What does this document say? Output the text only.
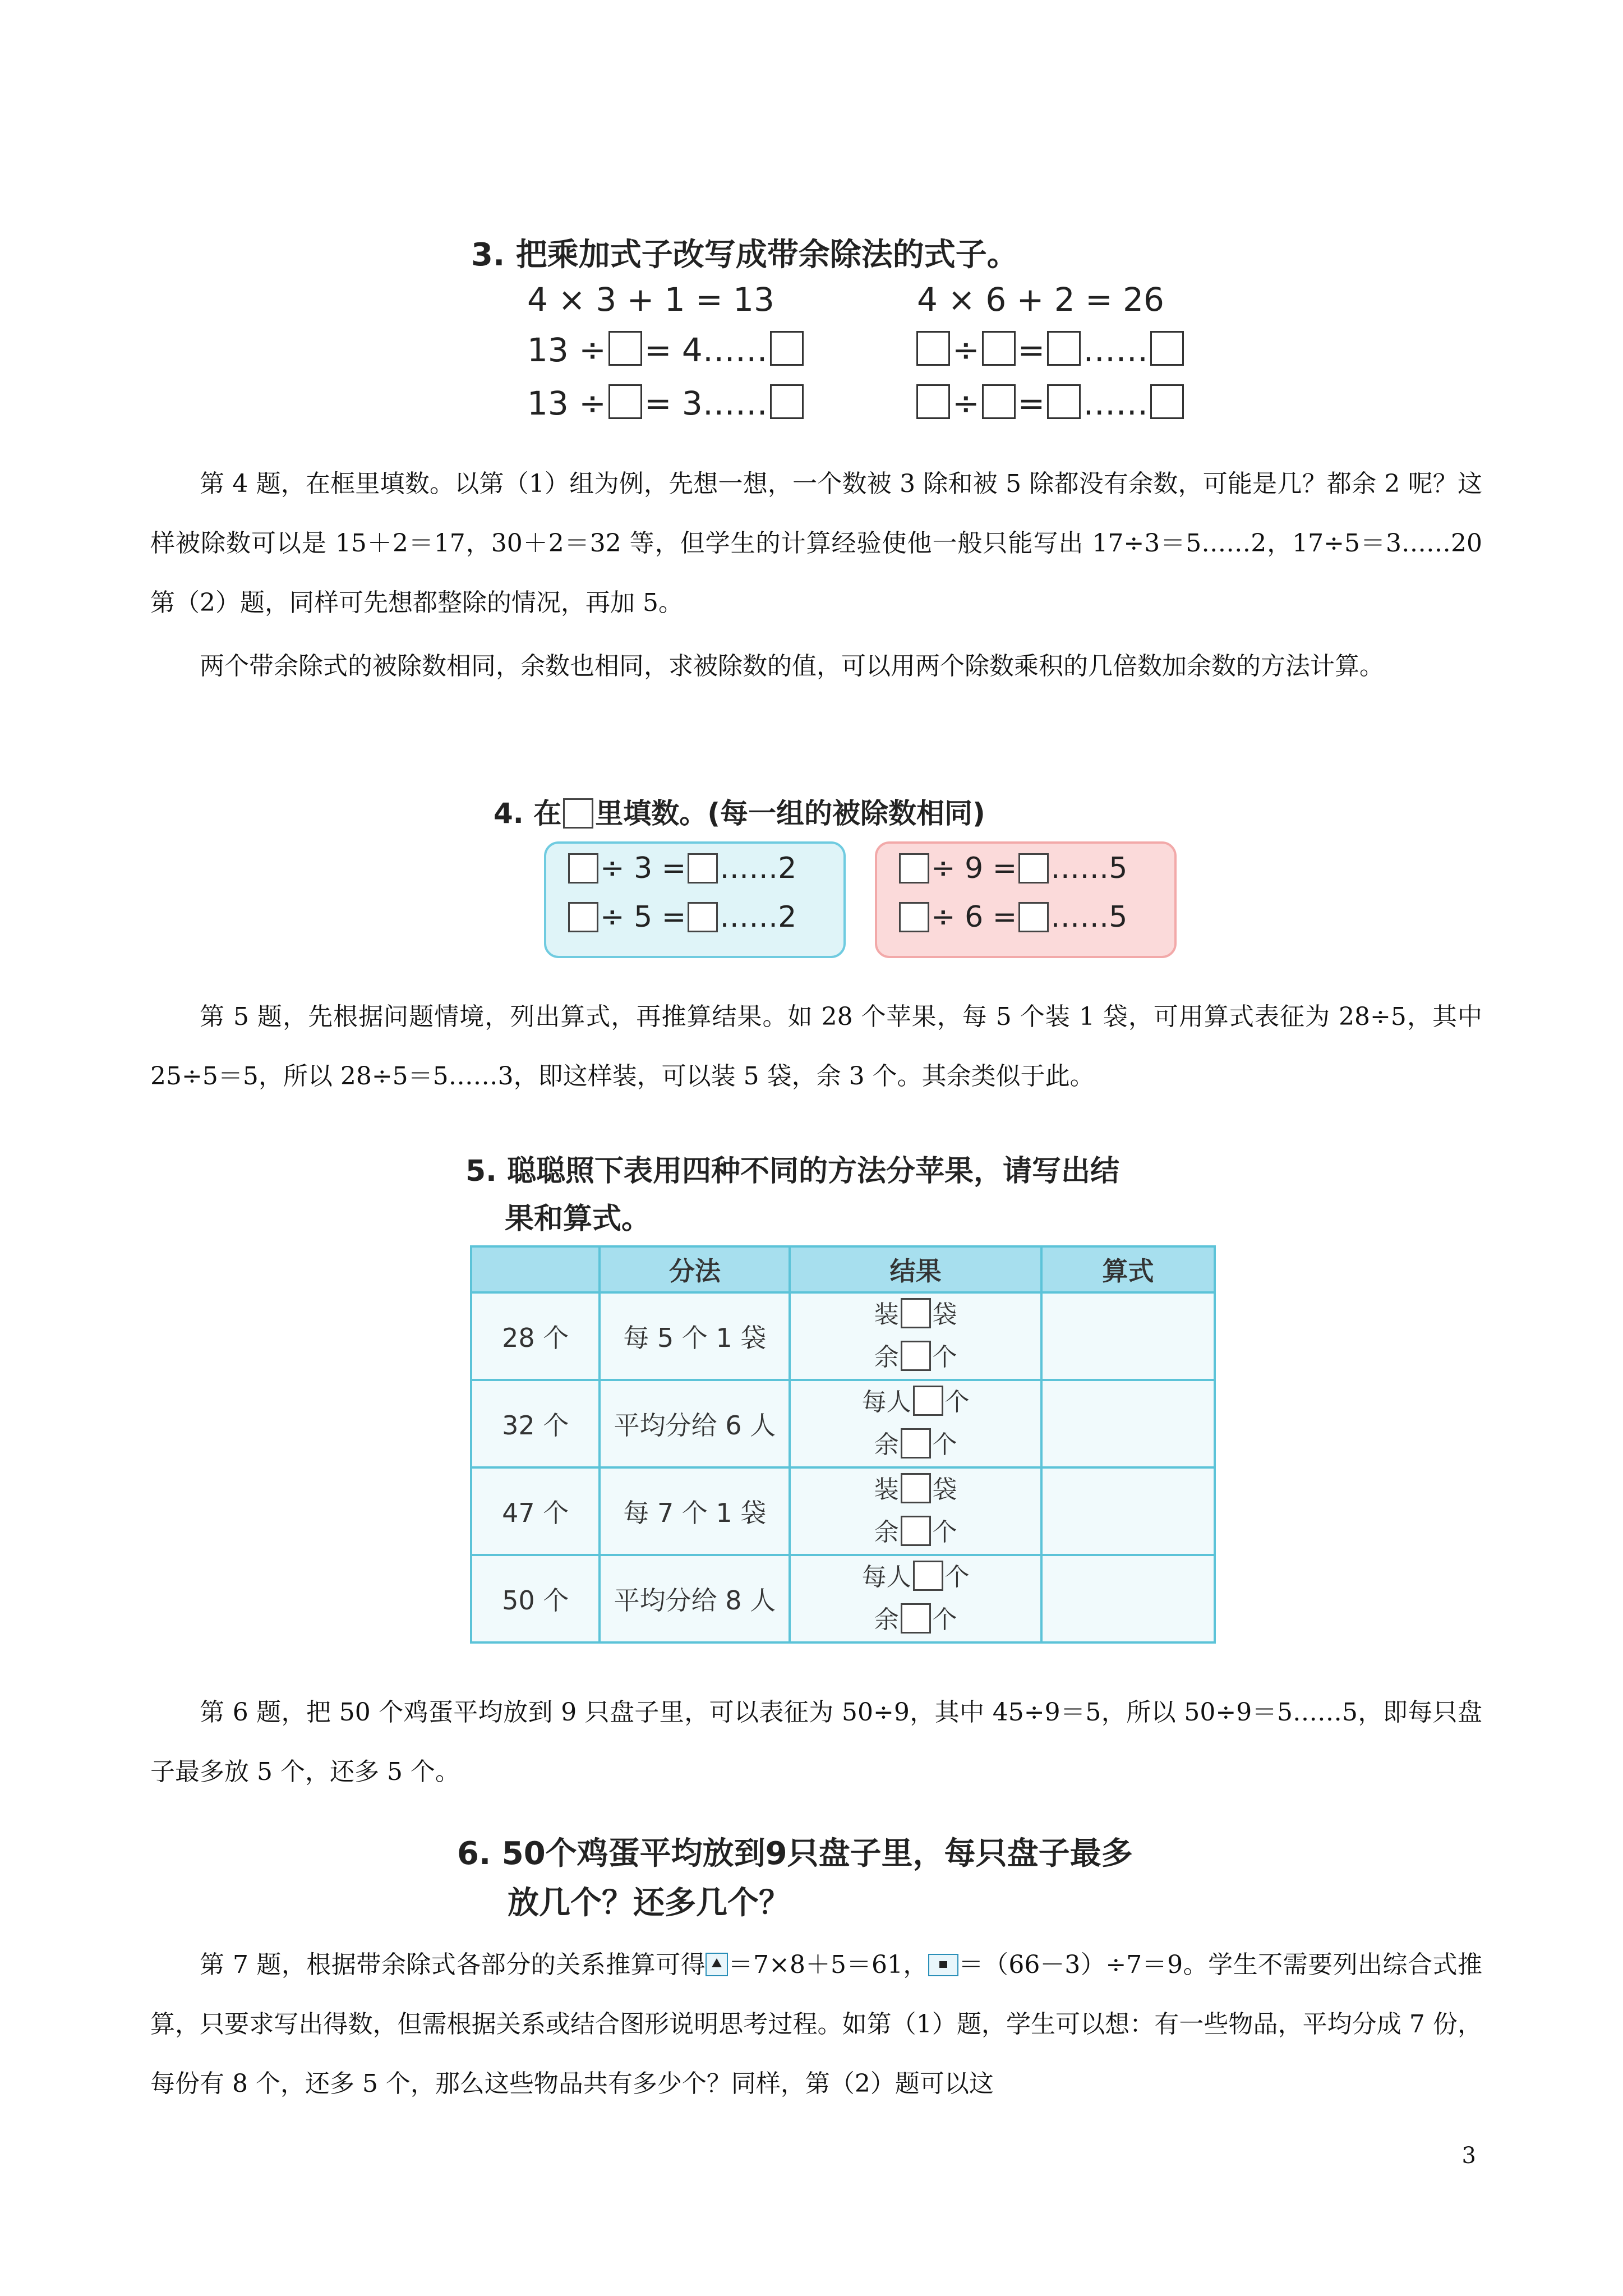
3. 把乘加式子改写成带余除法的式子。
4 × 3 + 1 = 13	4 × 6 + 2 = 26
13 ÷ = 4……
13 ÷ = 3……
÷ = ……
÷ = ……
第 4 题，在框里填数。以第（1）组为例，先想一想，一个数被 3 除和被 5 除都没有余数，可能是几？都余 2 呢？这样被除数可以是 15＋2＝17，30＋2＝32 等，但学生的计算经验使他一般只能写出 17÷3＝5……2，17÷5＝3……20 第（2）题，同样可先想都整除的情况，再加 5。
两个带余除式的被除数相同，余数也相同，求被除数的值，可以用两个除数乘积的几倍数加余数的方法计算。
4. 在 里填数。(每一组的被除数相同)
÷ 3 = ……2
÷ 5 = ……2
÷ 9 = ……5
÷ 6 = ……5
第 5 题，先根据问题情境，列出算式，再推算结果。如 28 个苹果，每 5 个装 1 袋，可用算式表征为 28÷5，其中 25÷5＝5，所以 28÷5＝5……3，即这样装，可以装 5 袋，余 3 个。其余类似于此。
5. 聪聪照下表用四种不同的方法分苹果，请写出结
果和算式。
	分法	结果	算式
28 个	每 5 个 1 袋	装 袋
余 个	

32 个	平均分给 6 人	每人 个
余 个	

47 个	每 7 个 1 袋	装 袋
余 个	

50 个	平均分给 8 人	每人 个
余 个	

第 6 题，把 50 个鸡蛋平均放到 9 只盘子里，可以表征为 50÷9，其中 45÷9＝5，所以 50÷9＝5……5，即每只盘子最多放 5 个，还多 5 个。
6. 50个鸡蛋平均放到9只盘子里，每只盘子最多
放几个？还多几个？
第 7 题，根据带余除式各部分的关系推算可得 ＝7×8＋5＝61， ＝（66－3）÷7＝9。学生不需要列出综合式推算，只要求写出得数，但需根据关系或结合图形说明思考过程。如第（1）题，学生可以想：有一些物品，平均分成 7 份，每份有 8 个，还多 5 个，那么这些物品共有多少个？同样，第（2）题可以这
3
